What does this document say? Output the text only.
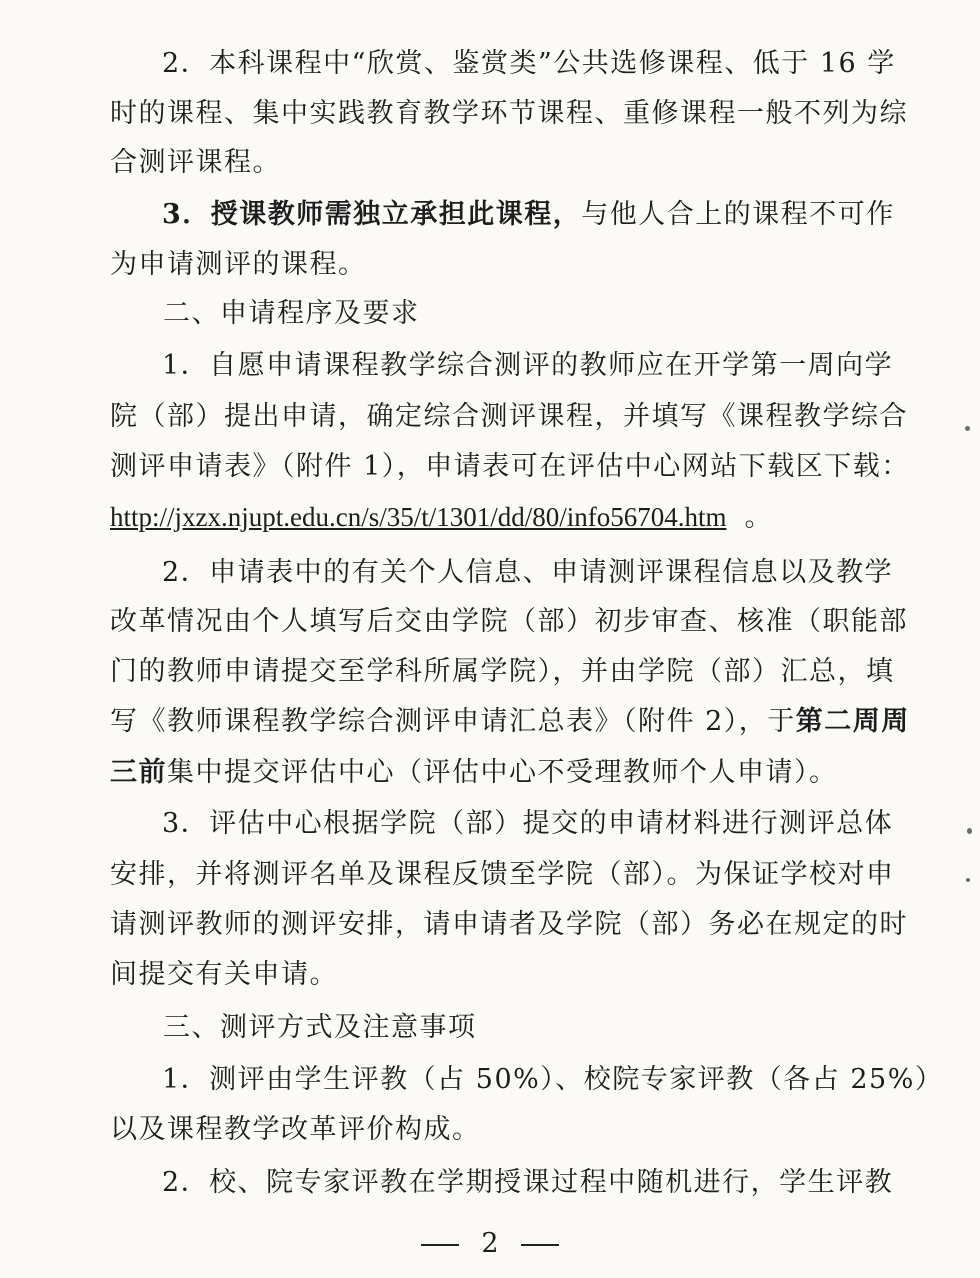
2．本科课程中“欣赏、鉴赏类”公共选修课程、低于 16 学
时的课程、集中实践教育教学环节课程、重修课程一般不列为综
合测评课程。
3．授课教师需独立承担此课程，与他人合上的课程不可作
为申请测评的课程。
二、申请程序及要求
1．自愿申请课程教学综合测评的教师应在开学第一周向学
院（部）提出申请，确定综合测评课程，并填写《课程教学综合
测评申请表》（附件 1），申请表可在评估中心网站下载区下载：
http://jxzx.njupt.edu.cn/s/35/t/1301/dd/80/info56704.htm 。
2．申请表中的有关个人信息、申请测评课程信息以及教学
改革情况由个人填写后交由学院（部）初步审查、核准（职能部
门的教师申请提交至学科所属学院），并由学院（部）汇总，填
写《教师课程教学综合测评申请汇总表》（附件 2），于第二周周
三前集中提交评估中心（评估中心不受理教师个人申请）。
3．评估中心根据学院（部）提交的申请材料进行测评总体
安排，并将测评名单及课程反馈至学院（部）。为保证学校对申
请测评教师的测评安排，请申请者及学院（部）务必在规定的时
间提交有关申请。
三、测评方式及注意事项
1．测评由学生评教（占 50%）、校院专家评教（各占 25%）
以及课程教学改革评价构成。
2．校、院专家评教在学期授课过程中随机进行，学生评教
2
